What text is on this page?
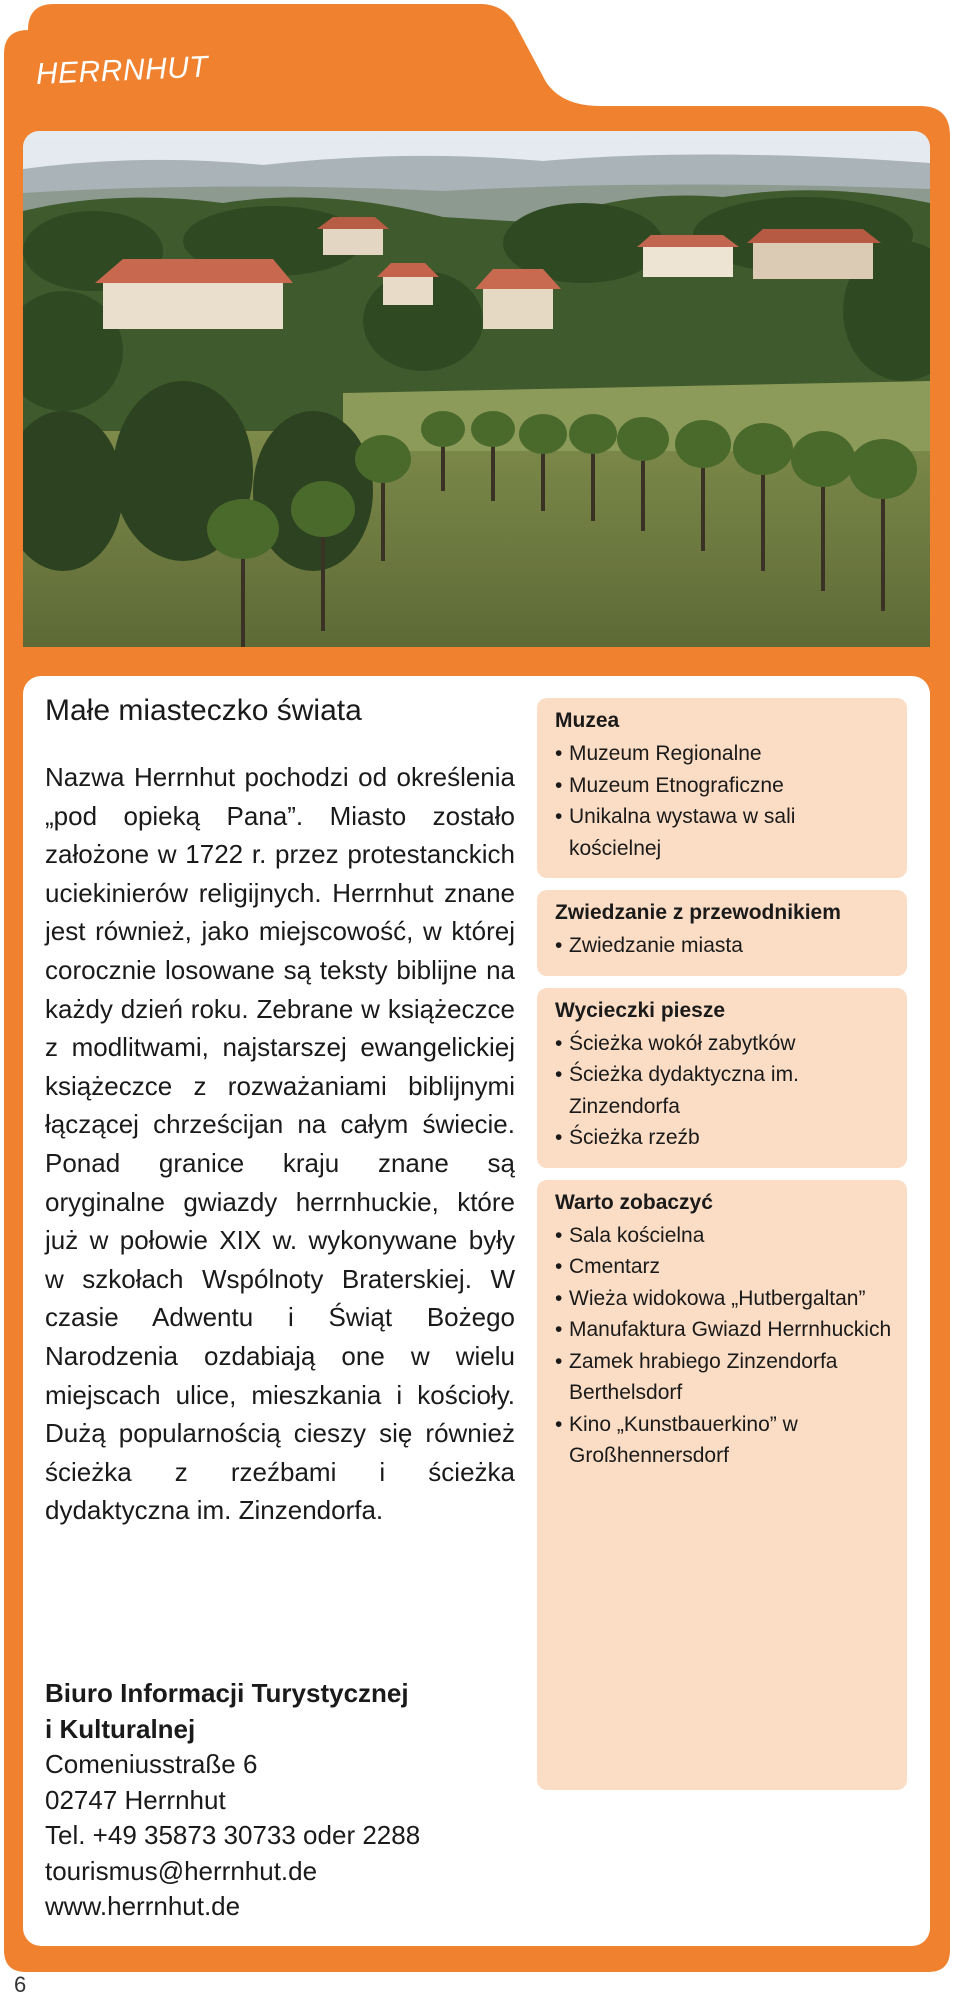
HERRNHUT
Małe miasteczko świata

Nazwa Herrnhut pochodzi od określenia „pod opieką Pana”. Miasto zostało założone w 1722 r. przez protestanckich uciekinierów religijnych. Herrnhut znane jest również, jako miejscowość, w której corocznie losowane są teksty biblijne na każdy dzień roku. Zebrane w książeczce z modlitwami, najstarszej ewangelickiej książeczce z rozważaniami biblijnymi łączącej chrześcijan na całym świecie. Ponad granice kraju znane są oryginalne gwiazdy herrnhuckie, które już w połowie XIX w. wykonywane były w szkołach Wspólnoty Braterskiej. W czasie Adwentu i Świąt Bożego Narodzenia ozdabiają one w wielu miejscach ulice, mieszkania i kościoły. Dużą popularnością cieszy się również ścieżka z rzeźbami i ścieżka dydaktyczna im. Zinzendorfa.

Biuro Informacji Turystycznej
i Kulturalnej
Comeniusstraße 6
02747 Herrnhut
Tel. +49 35873 30733 oder 2288
tourismus@herrnhut.de
www.herrnhut.de
Muzea
• Muzeum Regionalne
• Muzeum Etnograficzne
• Unikalna wystawa w sali kościelnej
Zwiedzanie z przewodnikiem
• Zwiedzanie miasta
Wycieczki piesze
• Ścieżka wokół zabytków
• Ścieżka dydaktyczna im. Zinzendorfa
• Ścieżka rzeźb
Warto zobaczyć
• Sala kościelna
• Cmentarz
• Wieża widokowa „Hutbergaltan”
• Manufaktura Gwiazd Herrnhuckich
• Zamek hrabiego Zinzendorfa Berthelsdorf
• Kino „Kunstbauerkino” w Großhennersdorf
6
